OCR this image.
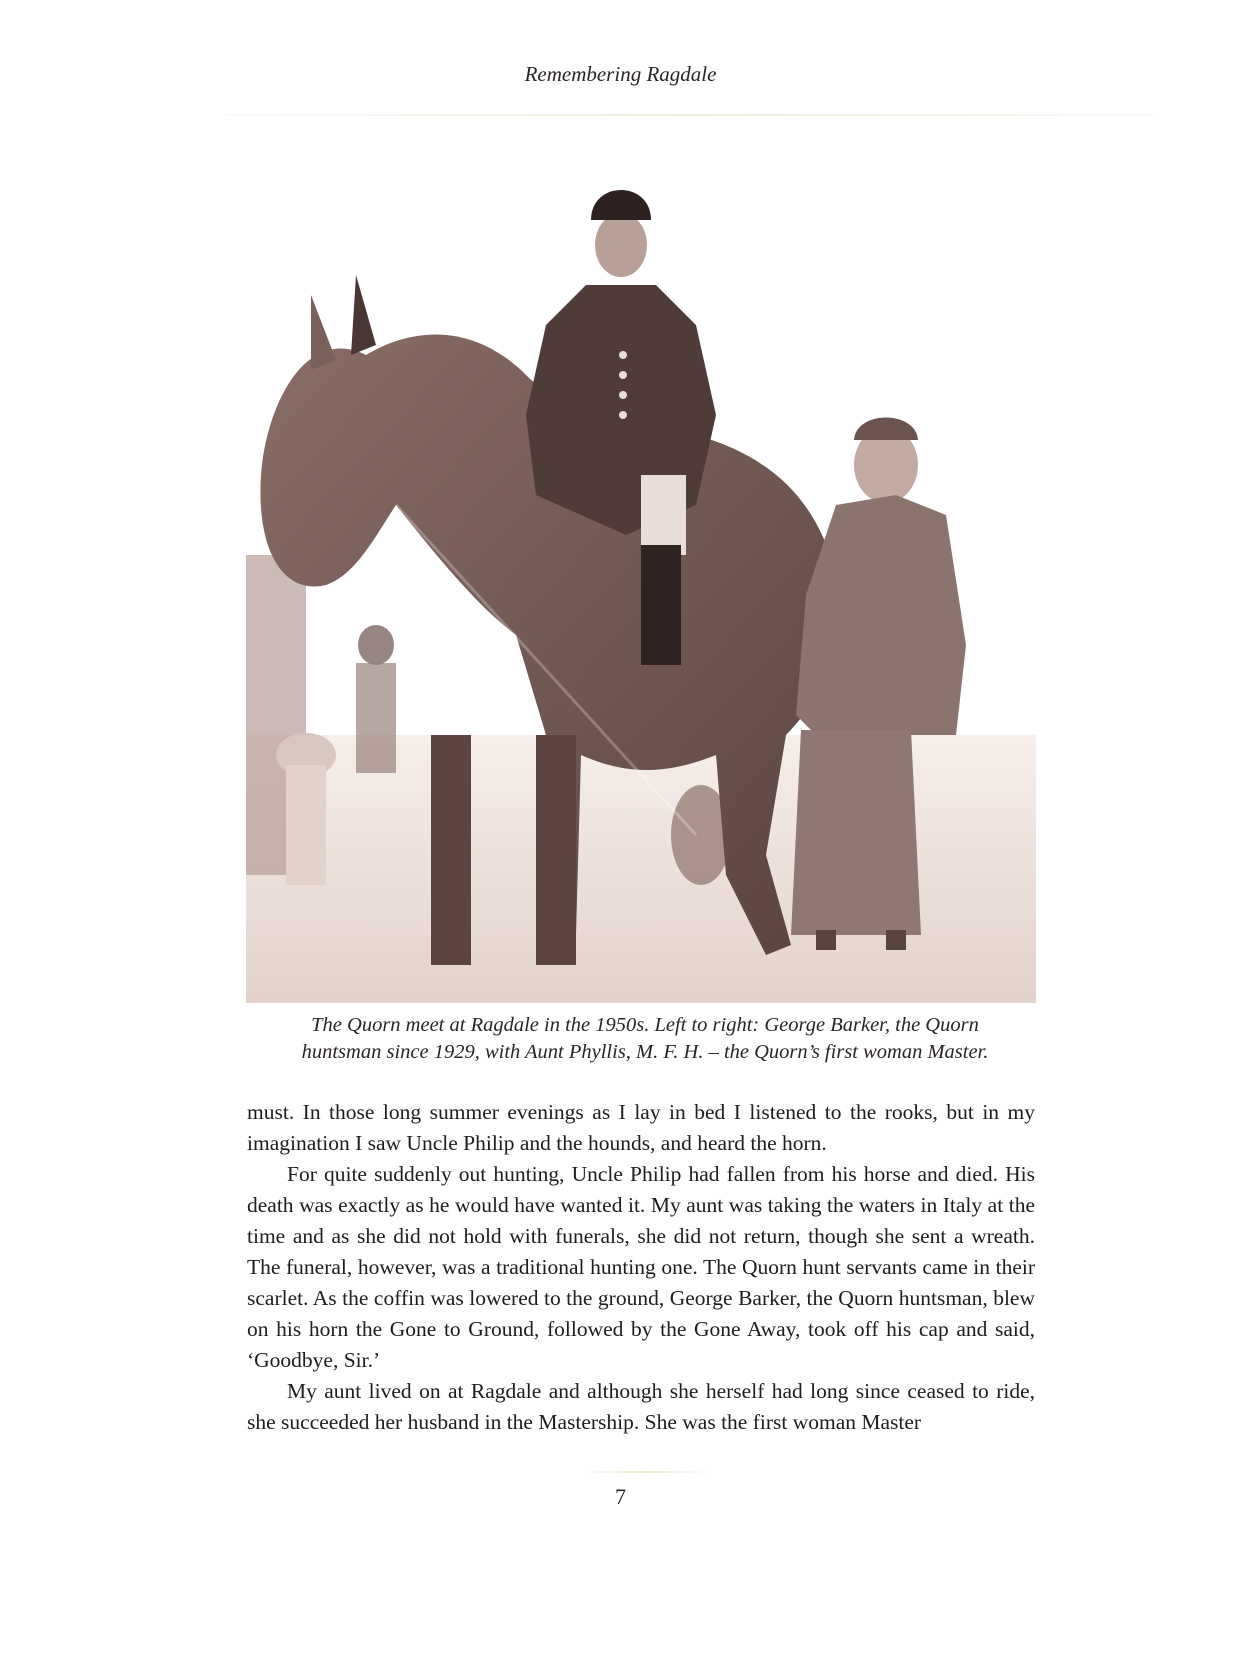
Remembering Ragdale
The Quorn meet at Ragdale in the 1950s. Left to right: George Barker, the Quorn
huntsman since 1929, with Aunt Phyllis, M. F. H. – the Quorn’s first woman Master.

must. In those long summer evenings as I lay in bed I listened to the rooks, but in my imagination I saw Uncle Philip and the hounds, and heard the horn.

For quite suddenly out hunting, Uncle Philip had fallen from his horse and died. His death was exactly as he would have wanted it. My aunt was taking the waters in Italy at the time and as she did not hold with funerals, she did not return, though she sent a wreath. The funeral, however, was a traditional hunting one. The Quorn hunt servants came in their scarlet. As the coffin was lowered to the ground, George Barker, the Quorn huntsman, blew on his horn the Gone to Ground, followed by the Gone Away, took off his cap and said, ‘Goodbye, Sir.’

My aunt lived on at Ragdale and although she herself had long since ceased to ride, she succeeded her husband in the Mastership. She was the first woman Master

7
